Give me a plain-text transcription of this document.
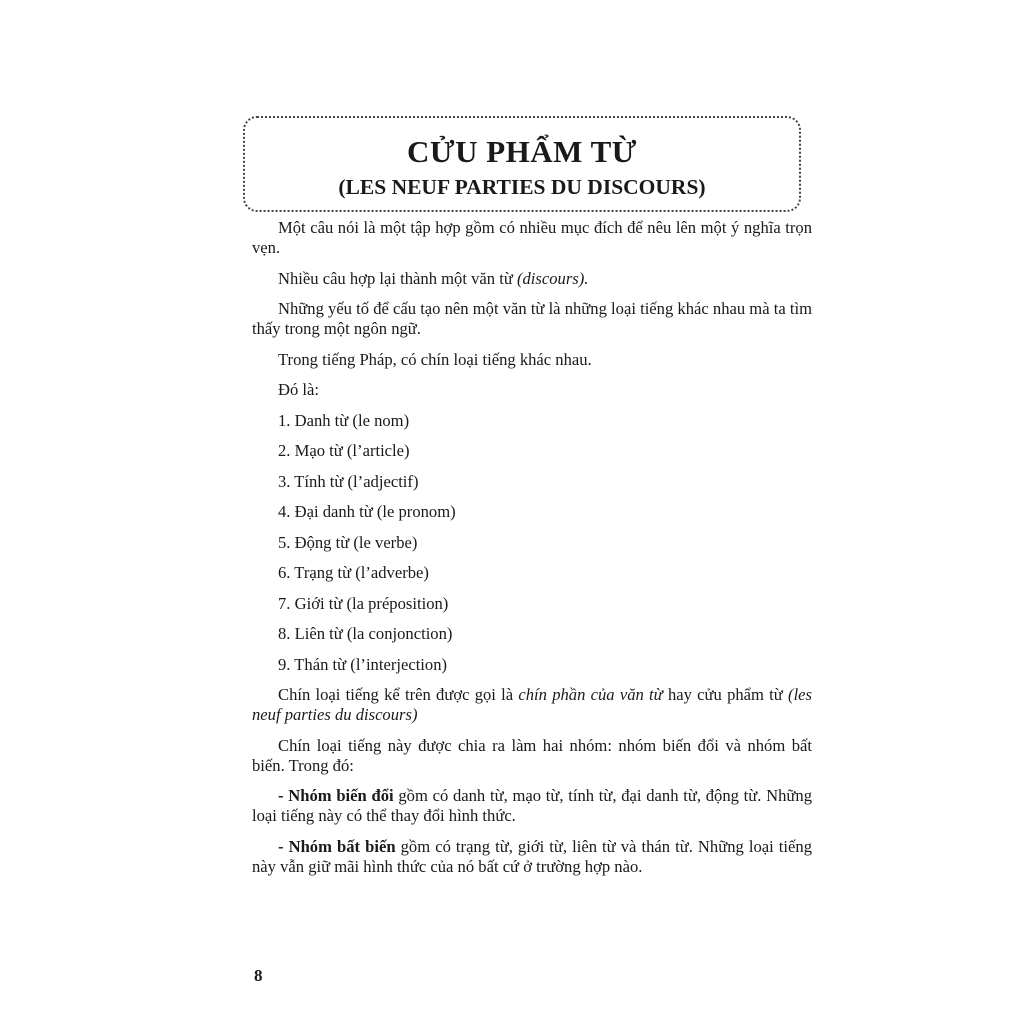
CỬU PHẨM TỪ
(LES NEUF PARTIES DU DISCOURS)

Một câu nói là một tập hợp gồm có nhiều mục đích để nêu lên một ý nghĩa trọn vẹn.

Nhiều câu hợp lại thành một văn từ (discours).

Những yếu tố để cấu tạo nên một văn từ là những loại tiếng khác nhau mà ta tìm thấy trong một ngôn ngữ.

Trong tiếng Pháp, có chín loại tiếng khác nhau.

Đó là:

1. Danh từ (le nom)

2. Mạo từ (l’article)

3. Tính từ (l’adjectif)

4. Đại danh từ (le pronom)

5. Động từ (le verbe)

6. Trạng từ (l’adverbe)

7. Giới từ (la préposition)

8. Liên từ (la conjonction)

9. Thán từ (l’interjection)

Chín loại tiếng kể trên được gọi là chín phần của văn từ hay cửu phẩm từ (les neuf parties du discours)

Chín loại tiếng này được chia ra làm hai nhóm: nhóm biến đổi và nhóm bất biến. Trong đó:

- Nhóm biến đổi gồm có danh từ, mạo từ, tính từ, đại danh từ, động từ. Những loại tiếng này có thể thay đổi hình thức.

- Nhóm bất biến gồm có trạng từ, giới từ, liên từ và thán từ. Những loại tiếng này vẫn giữ mãi hình thức của nó bất cứ ở trường hợp nào.

8
